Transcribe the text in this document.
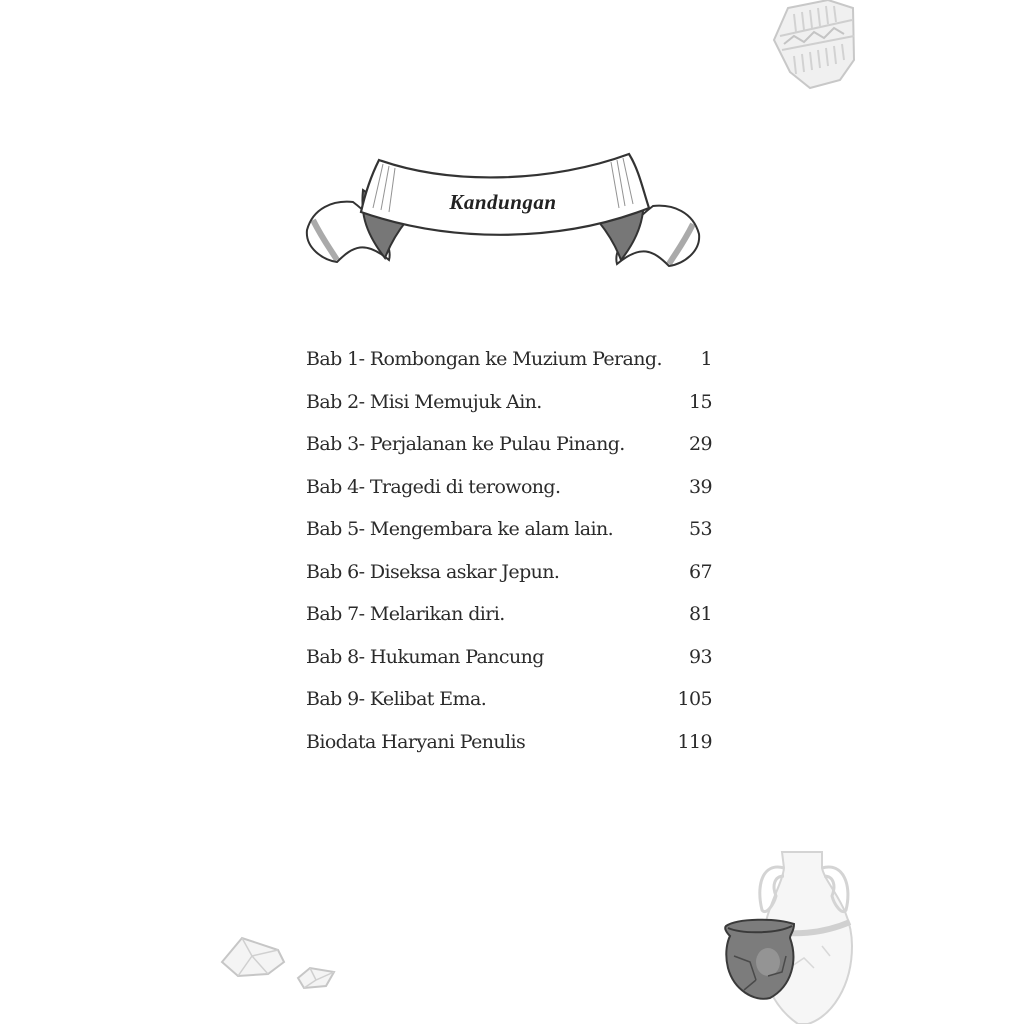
Kandungan
Bab 1- Rombongan ke Muzium Perang.	1
Bab 2- Misi Memujuk Ain.	15
Bab 3- Perjalanan ke Pulau Pinang.	29
Bab 4- Tragedi di terowong.	39
Bab 5- Mengembara ke alam lain.	53
Bab 6- Diseksa askar Jepun.	67
Bab 7- Melarikan diri.	81
Bab 8- Hukuman Pancung	93
Bab 9- Kelibat Ema.	105
Biodata Haryani Penulis	119
